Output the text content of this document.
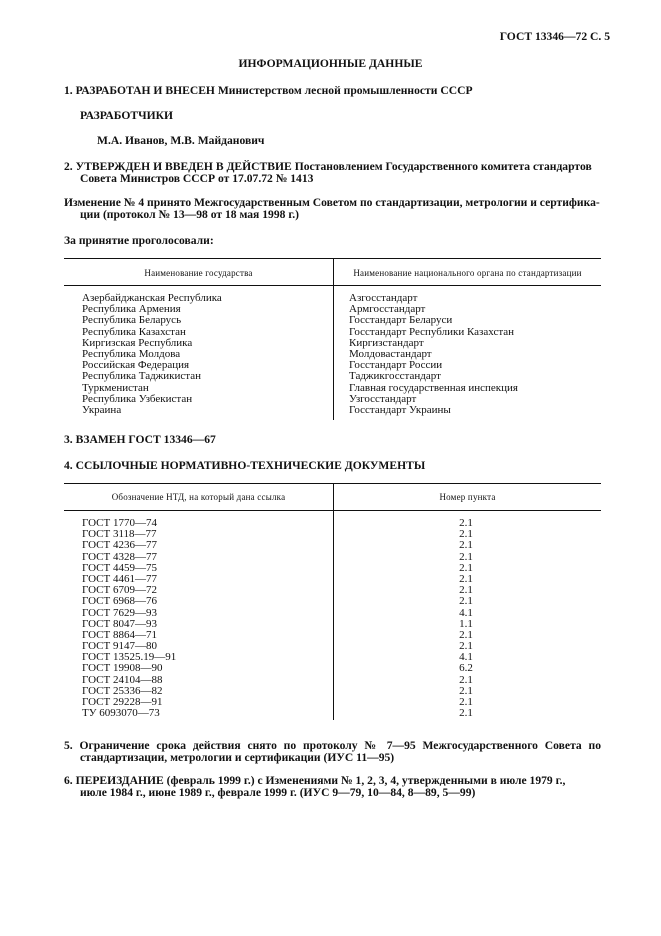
ГОСТ 13346—72 С. 5
ИНФОРМАЦИОННЫЕ ДАННЫЕ
1. РАЗРАБОТАН И ВНЕСЕН Министерством лесной промышленности СССР
РАЗРАБОТЧИКИ
М.А. Иванов, М.В. Майданович
2. УТВЕРЖДЕН И ВВЕДЕН В ДЕЙСТВИЕ Постановлением Государственного комитета стандартов
Совета Министров СССР от 17.07.72 № 1413
Изменение № 4 принято Межгосударственным Советом по стандартизации, метрологии и сертифика-
ции (протокол № 13—98 от 18 мая 1998 г.)
За принятие проголосовали:
Наименование государства	Наименование национального органа по стандартизации
Азербайджанская Республика
Республика Армения
Республика Беларусь
Республика Казахстан
Киргизская Республика
Республика Молдова
Российская Федерация
Республика Таджикистан
Туркменистан
Республика Узбекистан
Украина
Азгосстандарт
Армгосстандарт
Госстандарт Беларуси
Госстандарт Республики Казахстан
Киргизстандарт
Молдовастандарт
Госстандарт России
Таджикгосстандарт
Главная государственная инспекция
Узгосстандарт
Госстандарт Украины
3. ВЗАМЕН ГОСТ 13346—67
4. ССЫЛОЧНЫЕ НОРМАТИВНО-ТЕХНИЧЕСКИЕ ДОКУМЕНТЫ
Обозначение НТД, на который дана ссылка	Номер пункта
ГОСТ 1770—74
ГОСТ 3118—77
ГОСТ 4236—77
ГОСТ 4328—77
ГОСТ 4459—75
ГОСТ 4461—77
ГОСТ 6709—72
ГОСТ 6968—76
ГОСТ 7629—93
ГОСТ 8047—93
ГОСТ 8864—71
ГОСТ 9147—80
ГОСТ 13525.19—91
ГОСТ 19908—90
ГОСТ 24104—88
ГОСТ 25336—82
ГОСТ 29228—91
ТУ 6093070—73
2.1
2.1
2.1
2.1
2.1
2.1
2.1
2.1
4.1
1.1
2.1
2.1
4.1
6.2
2.1
2.1
2.1
2.1
5. Ограничение срока действия снято по протоколу № 7—95 Межгосударственного Совета по
стандартизации, метрологии и сертификации (ИУС 11—95)
6. ПЕРЕИЗДАНИЕ (февраль 1999 г.) с Изменениями № 1, 2, 3, 4, утвержденными в июле 1979 г.,
июле 1984 г., июне 1989 г., феврале 1999 г. (ИУС 9—79, 10—84, 8—89, 5—99)
